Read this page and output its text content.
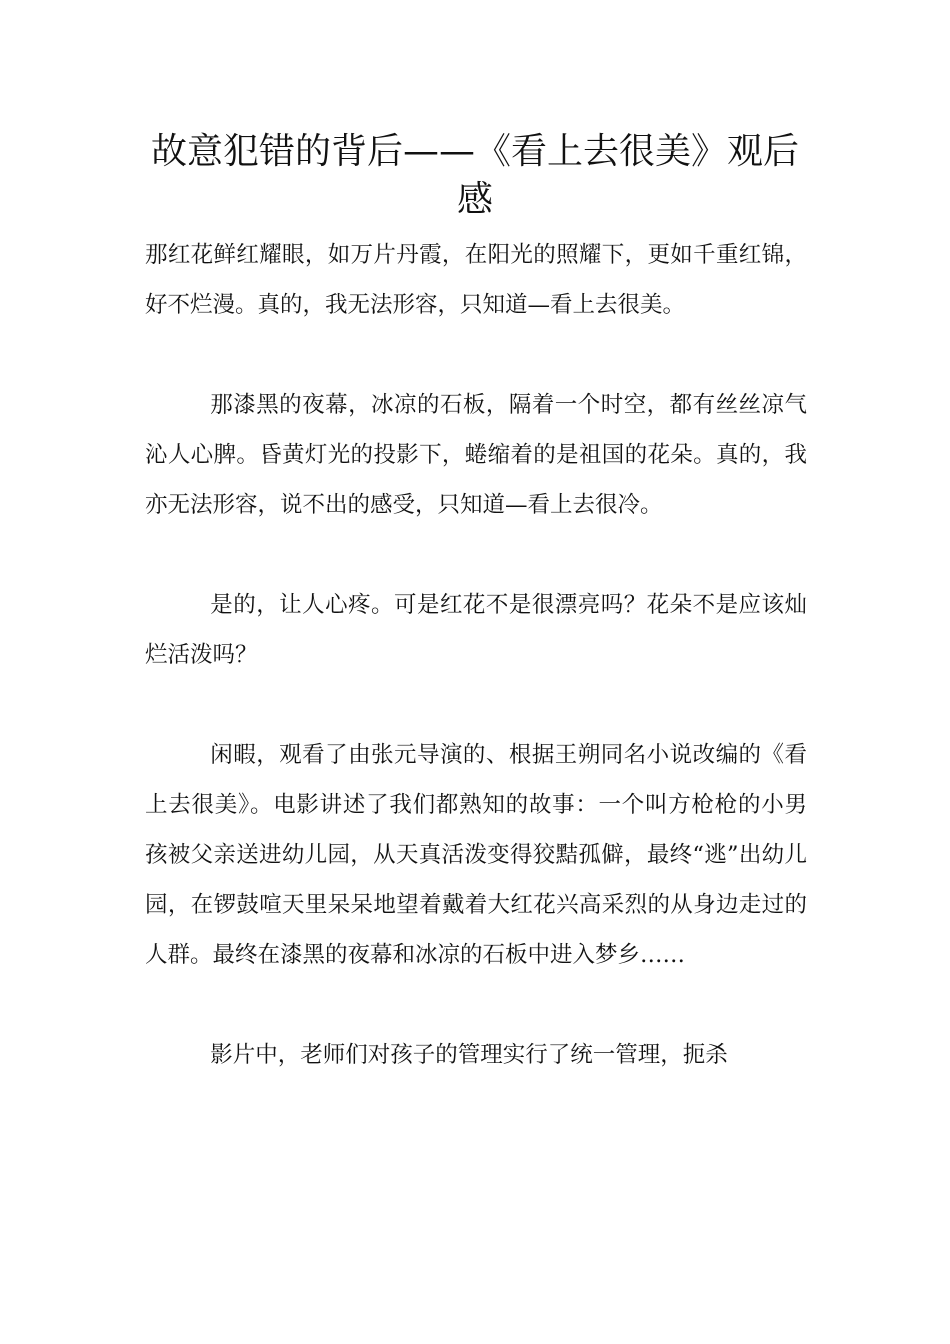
故意犯错的背后——《看上去很美》观后感

那红花鲜红耀眼，如万片丹霞，在阳光的照耀下，更如千重红锦，好不烂漫。真的，我无法形容，只知道—看上去很美。

那漆黑的夜幕，冰凉的石板，隔着一个时空，都有丝丝凉气沁人心脾。昏黄灯光的投影下，蜷缩着的是祖国的花朵。真的，我亦无法形容，说不出的感受，只知道—看上去很冷。

是的，让人心疼。可是红花不是很漂亮吗？花朵不是应该灿烂活泼吗？

闲暇，观看了由张元导演的、根据王朔同名小说改编的《看上去很美》。电影讲述了我们都熟知的故事：一个叫方枪枪的小男孩被父亲送进幼儿园，从天真活泼变得狡黠孤僻，最终“逃”出幼儿园，在锣鼓喧天里呆呆地望着戴着大红花兴高采烈的从身边走过的人群。最终在漆黑的夜幕和冰凉的石板中进入梦乡……

影片中，老师们对孩子的管理实行了统一管理，扼杀
